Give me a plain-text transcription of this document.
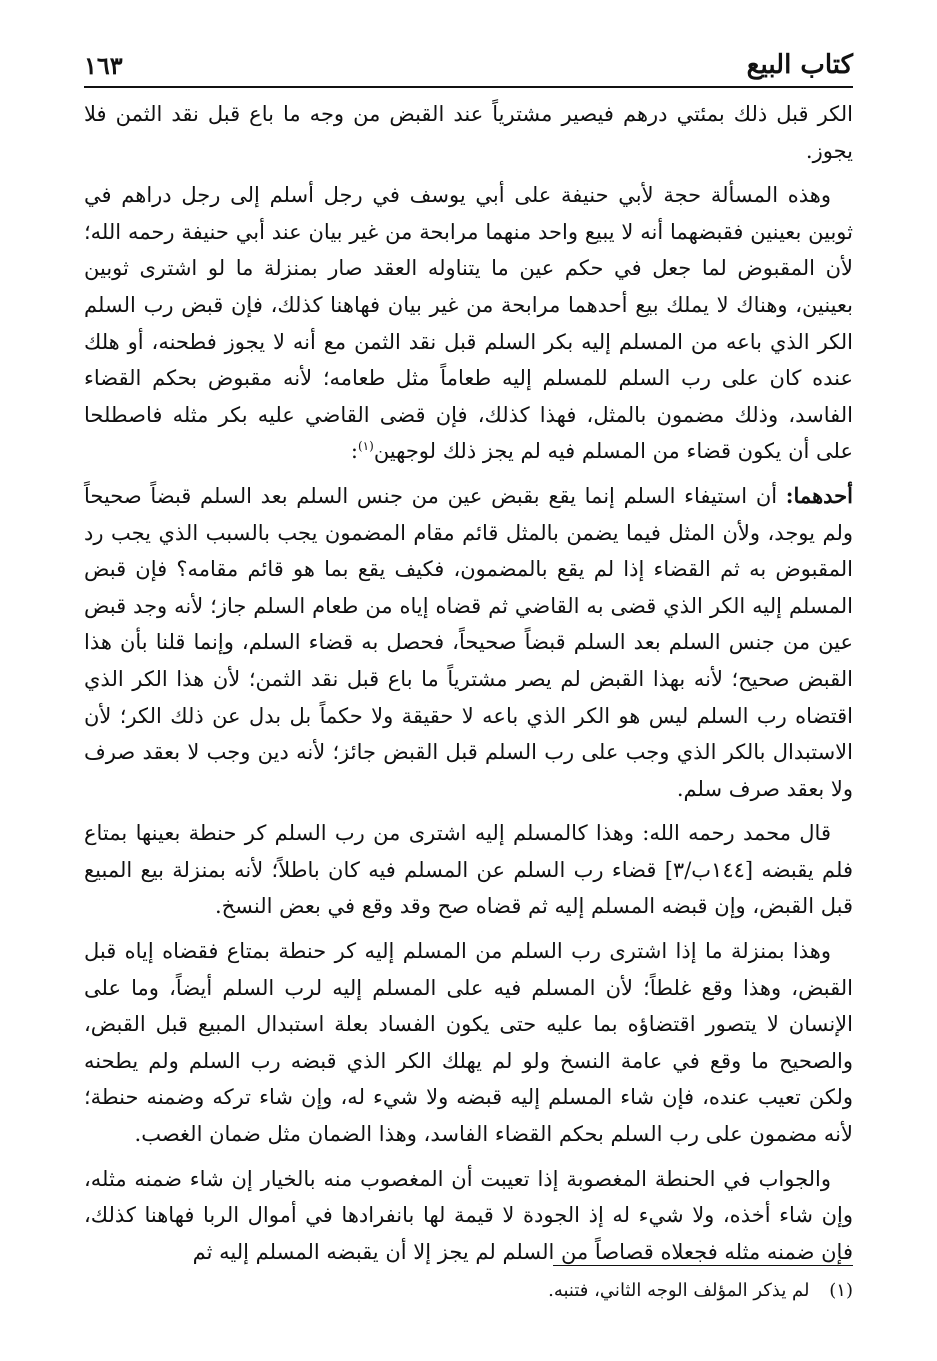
كتاب البيع
١٦٣

الكر قبل ذلك بمئتي درهم فيصير مشترياً عند القبض من وجه ما باع قبل نقد الثمن فلا يجوز.

وهذه المسألة حجة لأبي حنيفة على أبي يوسف في رجل أسلم إلى رجل دراهم في ثوبين بعينين فقبضهما أنه لا يبيع واحد منهما مرابحة من غير بيان عند أبي حنيفة رحمه الله؛ لأن المقبوض لما جعل في حكم عين ما يتناوله العقد صار بمنزلة ما لو اشترى ثوبين بعينين، وهناك لا يملك بيع أحدهما مرابحة من غير بيان فهاهنا كذلك، فإن قبض رب السلم الكر الذي باعه من المسلم إليه بكر السلم قبل نقد الثمن مع أنه لا يجوز فطحنه، أو هلك عنده كان على رب السلم للمسلم إليه طعاماً مثل طعامه؛ لأنه مقبوض بحكم القضاء الفاسد، وذلك مضمون بالمثل، فهذا كذلك، فإن قضى القاضي عليه بكر مثله فاصطلحا على أن يكون قضاء من المسلم فيه لم يجز ذلك لوجهين$^{(١)}$:

أحدهما: أن استيفاء السلم إنما يقع بقبض عين من جنس السلم بعد السلم قبضاً صحيحاً ولم يوجد، ولأن المثل فيما يضمن بالمثل قائم مقام المضمون يجب بالسبب الذي يجب رد المقبوض به ثم القضاء إذا لم يقع بالمضمون، فكيف يقع بما هو قائم مقامه؟ فإن قبض المسلم إليه الكر الذي قضى به القاضي ثم قضاه إياه من طعام السلم جاز؛ لأنه وجد قبض عين من جنس السلم بعد السلم قبضاً صحيحاً، فحصل به قضاء السلم، وإنما قلنا بأن هذا القبض صحيح؛ لأنه بهذا القبض لم يصر مشترياً ما باع قبل نقد الثمن؛ لأن هذا الكر الذي اقتضاه رب السلم ليس هو الكر الذي باعه لا حقيقة ولا حكماً بل بدل عن ذلك الكر؛ لأن الاستبدال بالكر الذي وجب على رب السلم قبل القبض جائز؛ لأنه دين وجب لا بعقد صرف ولا بعقد صرف سلم.

قال محمد رحمه الله: وهذا كالمسلم إليه اشترى من رب السلم كر حنطة بعينها بمتاع فلم يقبضه [١٤٤ب/٣] قضاء رب السلم عن المسلم فيه كان باطلاً؛ لأنه بمنزلة بيع المبيع قبل القبض، وإن قبضه المسلم إليه ثم قضاه صح وقد وقع في بعض النسخ.

وهذا بمنزلة ما إذا اشترى رب السلم من المسلم إليه كر حنطة بمتاع فقضاه إياه قبل القبض، وهذا وقع غلطاً؛ لأن المسلم فيه على المسلم إليه لرب السلم أيضاً، وما على الإنسان لا يتصور اقتضاؤه بما عليه حتى يكون الفساد بعلة استبدال المبيع قبل القبض، والصحيح ما وقع في عامة النسخ ولو لم يهلك الكر الذي قبضه رب السلم ولم يطحنه ولكن تعيب عنده، فإن شاء المسلم إليه قبضه ولا شيء له، وإن شاء تركه وضمنه حنطة؛ لأنه مضمون على رب السلم بحكم القضاء الفاسد، وهذا الضمان مثل ضمان الغصب.

والجواب في الحنطة المغصوبة إذا تعيبت أن المغصوب منه بالخيار إن شاء ضمنه مثله، وإن شاء أخذه، ولا شيء له إذ الجودة لا قيمة لها بانفرادها في أموال الربا فهاهنا كذلك، فإن ضمنه مثله فجعلاه قصاصاً من السلم لم يجز إلا أن يقبضه المسلم إليه ثم

(١) لم يذكر المؤلف الوجه الثاني، فتنبه.
